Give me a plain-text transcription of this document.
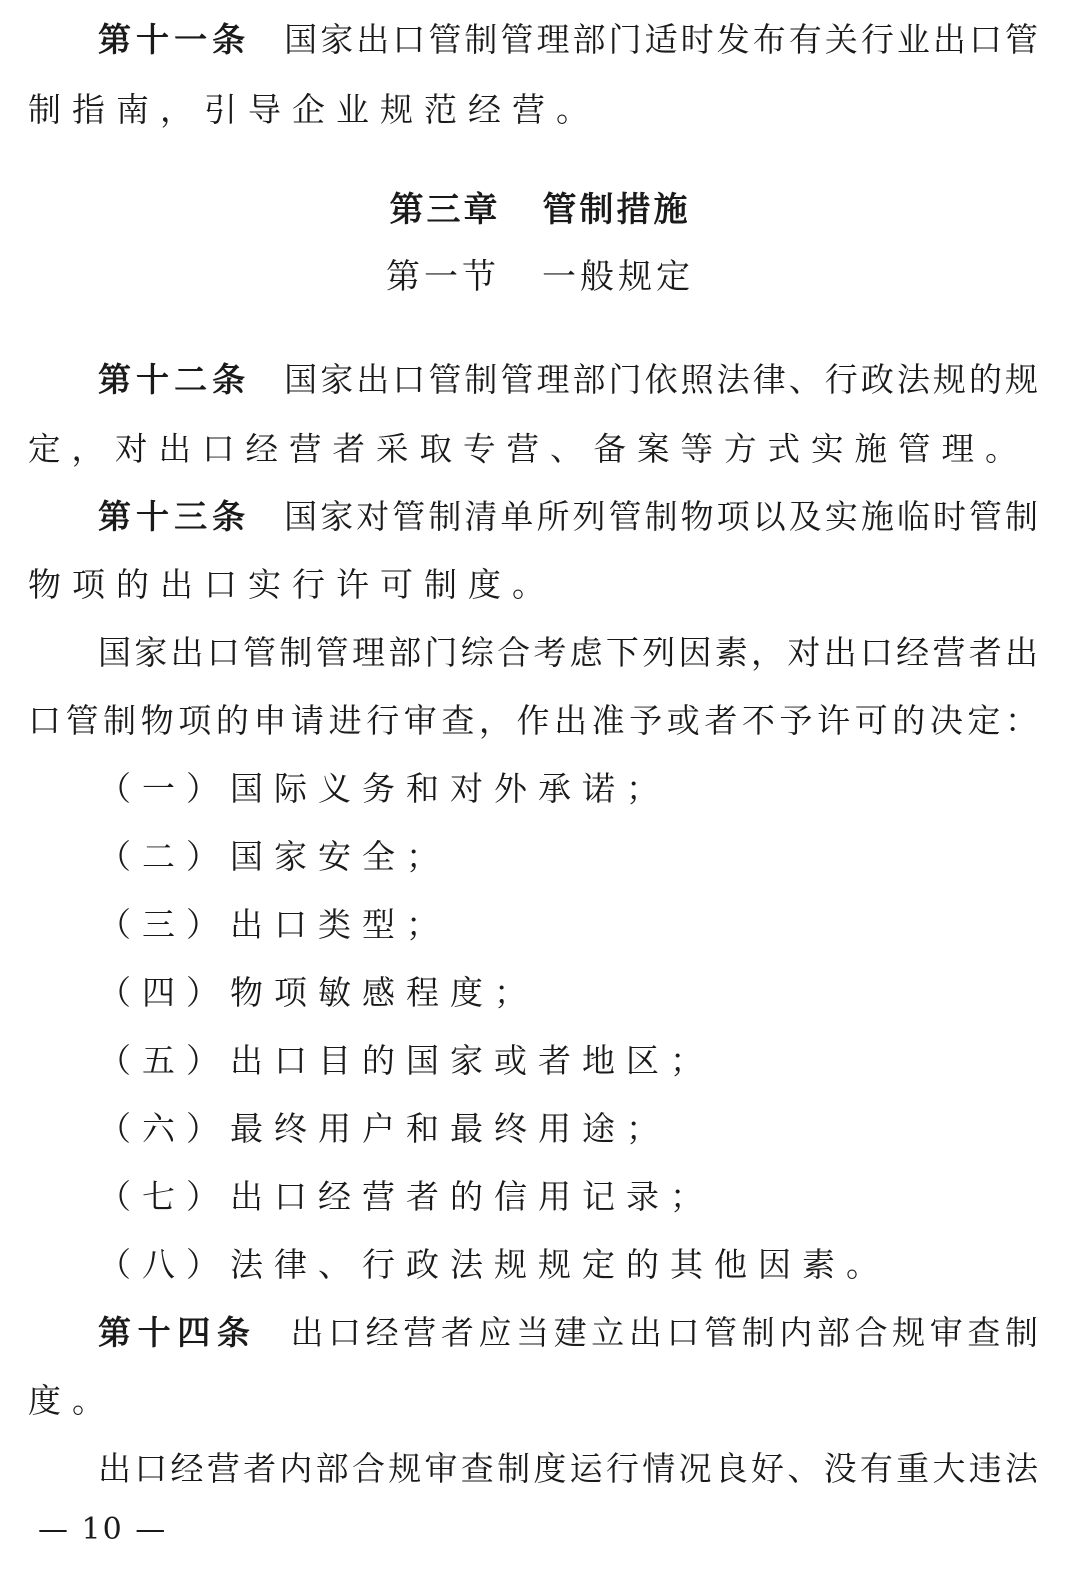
第十一条 国家出口管制管理部门适时发布有关行业出口管
制指南，引导企业规范经营。
第三章 管制措施
第一节 一般规定
第十二条 国家出口管制管理部门依照法律、行政法规的规
定，对出口经营者采取专营、备案等方式实施管理。
第十三条 国家对管制清单所列管制物项以及实施临时管制
物项的出口实行许可制度。
国家出口管制管理部门综合考虑下列因素，对出口经营者出
口管制物项的申请进行审查，作出准予或者不予许可的决定：
（一）国际义务和对外承诺；
（二）国家安全；
（三）出口类型；
（四）物项敏感程度；
（五）出口目的国家或者地区；
（六）最终用户和最终用途；
（七）出口经营者的信用记录；
（八）法律、行政法规规定的其他因素。
第十四条 出口经营者应当建立出口管制内部合规审查制
度。
出口经营者内部合规审查制度运行情况良好、没有重大违法
— 10 —
